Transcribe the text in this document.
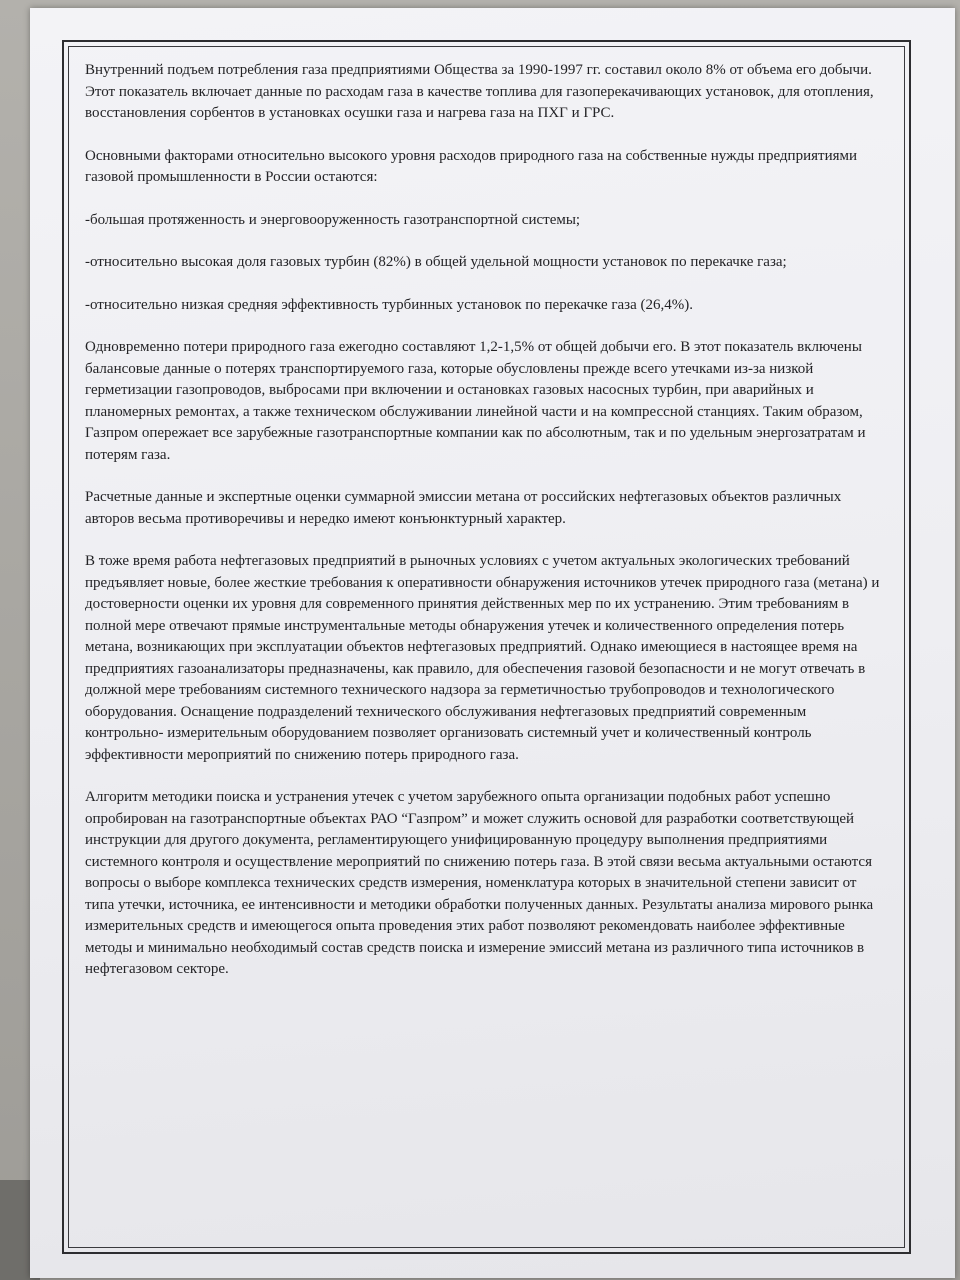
Внутренний подъем потребления газа предприятиями Общества за 1990-1997 гг. составил около 8% от объема его добычи. Этот показатель включает данные по расходам газа в качестве топлива для газоперекачивающих установок, для отопления, восстановления сорбентов в установках осушки газа и нагрева газа на ПХГ и ГРС.

Основными факторами относительно высокого уровня расходов природного газа на собственные нужды предприятиями газовой промышленности в России остаются:

-большая протяженность и энерговооруженность газотранспортной системы;

-относительно высокая доля газовых турбин (82%) в общей удельной мощности установок по перекачке газа;

-относительно низкая средняя эффективность турбинных установок по перекачке газа (26,4%).

Одновременно потери природного газа ежегодно составляют 1,2-1,5% от общей добычи его. В этот показатель включены балансовые данные о потерях транспортируемого газа, которые обусловлены прежде всего утечками из-за низкой герметизации газопроводов, выбросами при включении и остановках газовых насосных турбин, при аварийных и планомерных ремонтах, а также техническом обслуживании линейной части и на компрессной станциях. Таким образом, Газпром опережает все зарубежные газотранспортные компании как по абсолютным, так и по удельным энергозатратам и потерям газа.

Расчетные данные и экспертные оценки суммарной эмиссии метана от российских нефтегазовых объектов различных авторов весьма противоречивы и нередко имеют конъюнктурный характер.

В тоже время работа нефтегазовых предприятий в рыночных условиях с учетом актуальных экологических требований предъявляет новые, более жесткие требования к оперативности обнаружения источников утечек природного газа (метана) и достоверности оценки их уровня для современного принятия действенных мер по их устранению. Этим требованиям в полной мере отвечают прямые инструментальные методы обнаружения утечек и количественного определения потерь метана, возникающих при эксплуатации объектов нефтегазовых предприятий. Однако имеющиеся в настоящее время на предприятиях газоанализаторы предназначены, как правило, для обеспечения газовой безопасности и не могут отвечать в должной мере требованиям системного технического надзора за герметичностью трубопроводов и технологического оборудования. Оснащение подразделений технического обслуживания нефтегазовых предприятий современным контрольно- измерительным оборудованием позволяет организовать системный учет и количественный контроль эффективности мероприятий по снижению потерь природного газа.

Алгоритм методики поиска и устранения утечек с учетом зарубежного опыта организации подобных работ успешно опробирован на газотранспортные объектах РАО “Газпром” и может служить основой для разработки соответствующей инструкции для другого документа, регламентирующего унифицированную процедуру выполнения предприятиями системного контроля и осуществление мероприятий по снижению потерь газа. В этой связи весьма актуальными остаются вопросы о выборе комплекса технических средств измерения, номенклатура которых в значительной степени зависит от типа утечки, источника, ее интенсивности и методики обработки полученных данных. Результаты анализа мирового рынка измерительных средств и имеющегося опыта проведения этих работ позволяют рекомендовать наиболее эффективные методы и минимально необходимый состав средств поиска и измерение эмиссий метана из различного типа источников в нефтегазовом секторе.
